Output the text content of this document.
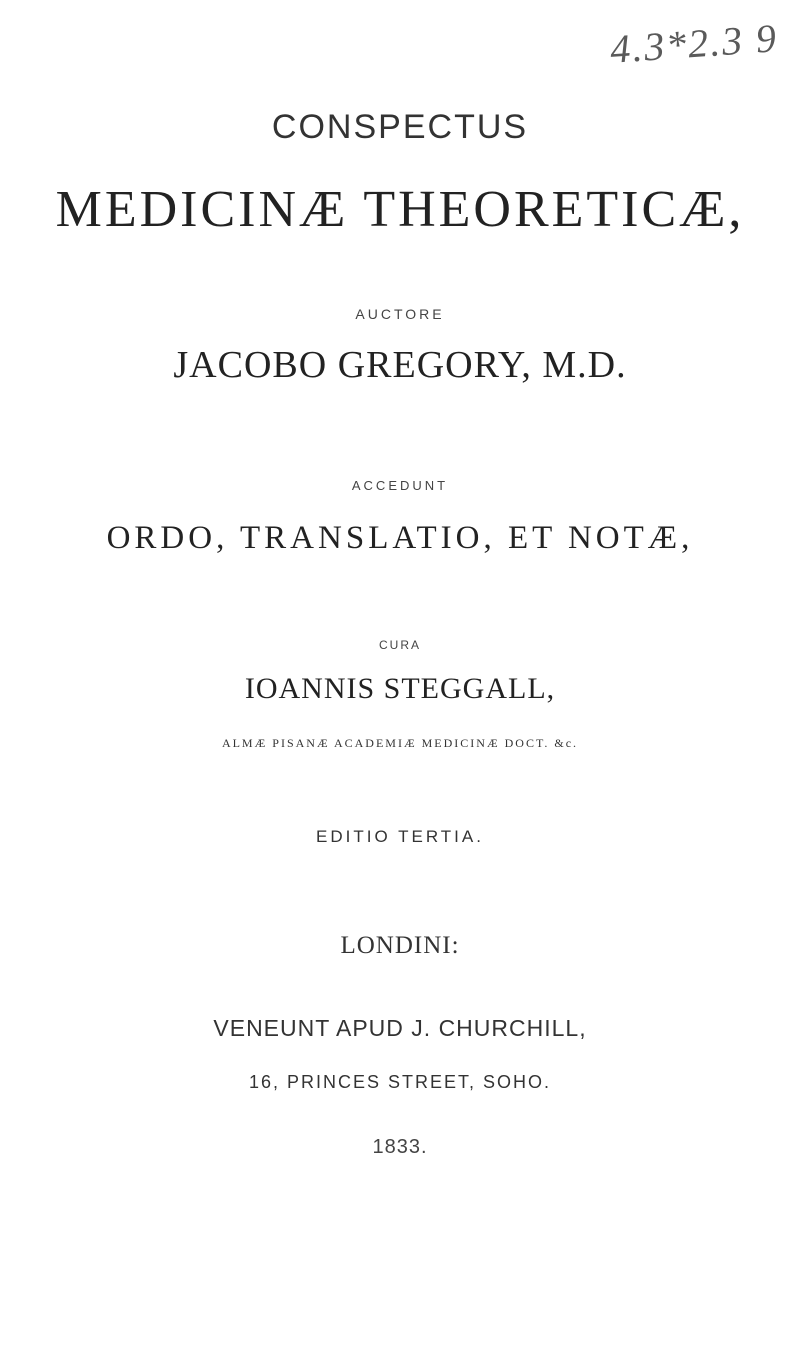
4.3*2.3 9
CONSPECTUS
MEDICINÆ THEORETICÆ,
AUCTORE
JACOBO GREGORY, M.D.
ACCEDUNT
ORDO, TRANSLATIO, ET NOTÆ,
CURA
IOANNIS STEGGALL,
ALMÆ PISANÆ ACADEMIÆ MEDICINÆ DOCT. &c.
EDITIO TERTIA.
LONDINI:
VENEUNT APUD J. CHURCHILL,
16, PRINCES STREET, SOHO.
1833.
